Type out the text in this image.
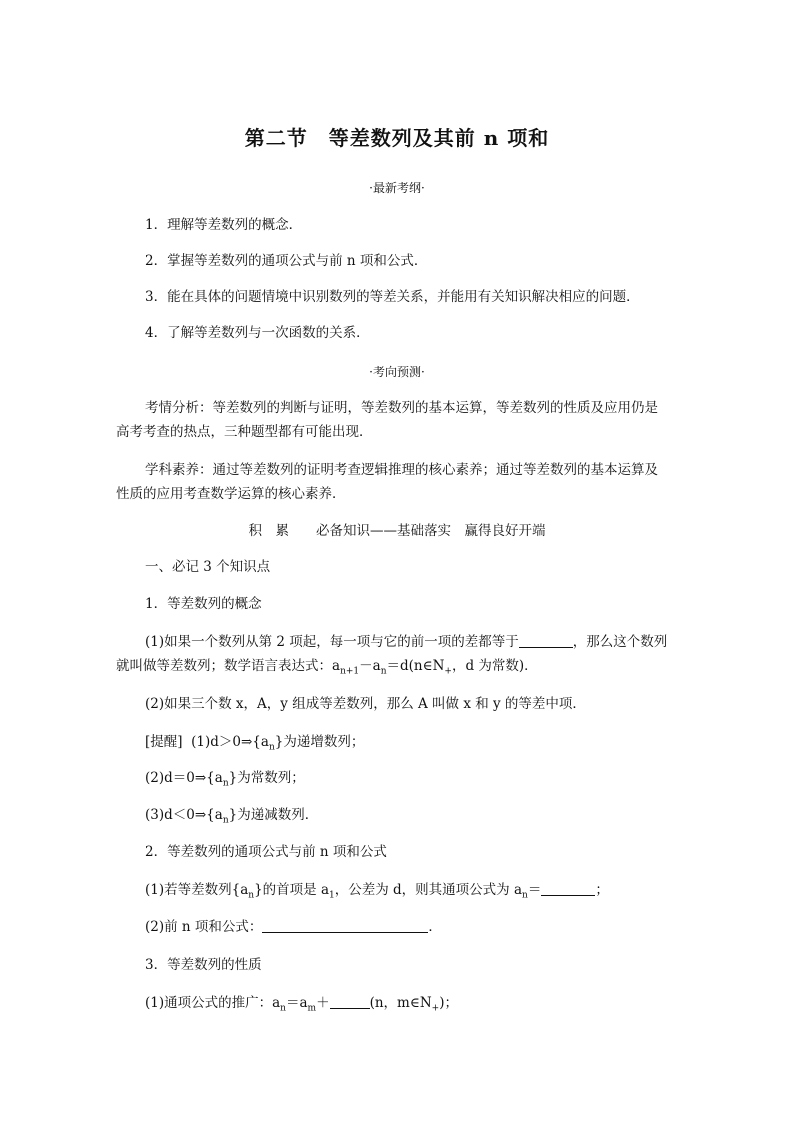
第二节　等差数列及其前 n 项和
·最新考纲·
1．理解等差数列的概念．
2．掌握等差数列的通项公式与前 n 项和公式．
3．能在具体的问题情境中识别数列的等差关系，并能用有关知识解决相应的问题．
4．了解等差数列与一次函数的关系．
·考向预测·
考情分析：等差数列的判断与证明，等差数列的基本运算，等差数列的性质及应用仍是
高考考查的热点，三种题型都有可能出现．
学科素养：通过等差数列的证明考查逻辑推理的核心素养；通过等差数列的基本运算及
性质的应用考查数学运算的核心素养．
积　累　　必备知识——基础落实　赢得良好开端
一、必记 3 个知识点
1．等差数列的概念
(1)如果一个数列从第 2 项起，每一项与它的前一项的差都等于	，那么这个数列
就叫做等差数列；数学语言表达式：$a_{n+1}-a_n=d(n\in N_+$，d 为常数)．
(2)如果三个数 x，A，y 组成等差数列，那么 A 叫做 x 和 y 的等差中项．
[提醒] $(1)d>0\Rightarrow\{a_n\}$为递增数列；
$(2)d=0\Rightarrow\{a_n\}$为常数列；
$(3)d<0\Rightarrow\{a_n\}$为递减数列．
2．等差数列的通项公式与前 n 项和公式
(1)若等差数列$\{a_n\}$的首项是 $a_1$，公差为 d，则其通项公式为 $a_n=$	；
(2)前 n 项和公式：	．
3．等差数列的性质
(1)通项公式的推广：$a_n=a_m+$	(n，$m\in N_+$)；
